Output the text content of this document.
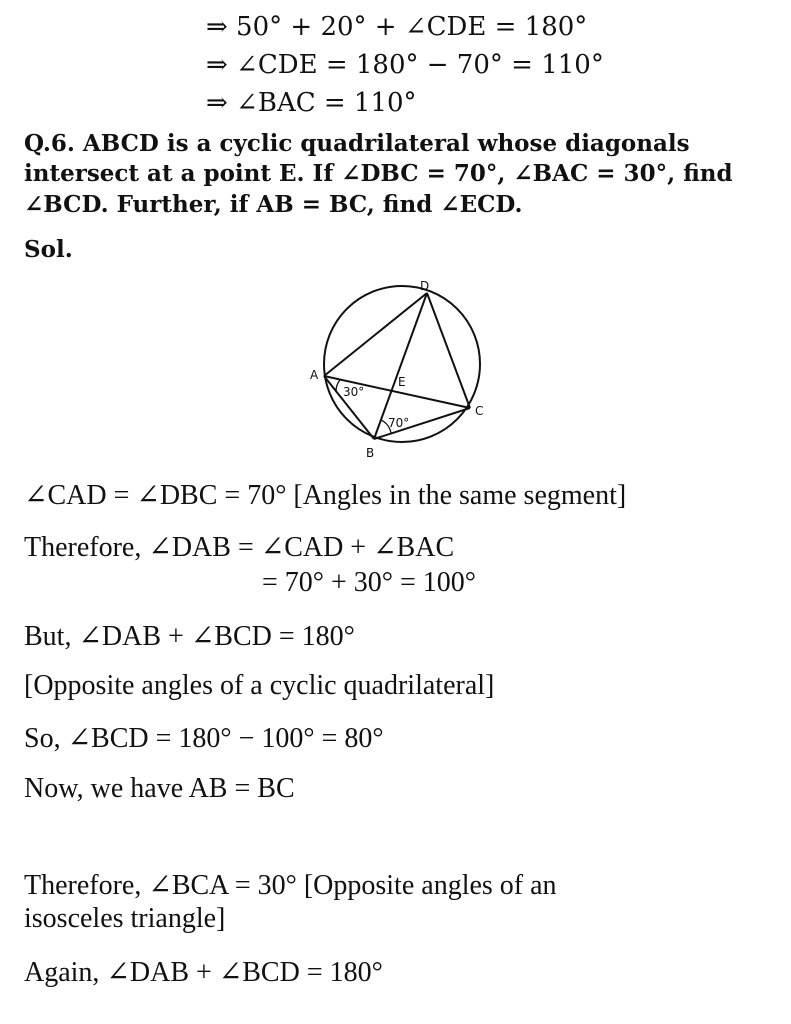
⇒ 50° + 20° + ∠CDE = 180°
⇒ ∠CDE = 180° − 70° = 110°
⇒ ∠BAC = 110°
Q.6. ABCD is a cyclic quadrilateral whose diagonals
intersect at a point E. If ∠DBC = 70°, ∠BAC = 30°, find
∠BCD. Further, if AB = BC, find ∠ECD.
Sol.
A
B
C
D
E
30°
70°
∠CAD = ∠DBC = 70° [Angles in the same segment]
Therefore, ∠DAB = ∠CAD + ∠BAC
= 70° + 30° = 100°
But, ∠DAB + ∠BCD = 180°
[Opposite angles of a cyclic quadrilateral]
So, ∠BCD = 180° − 100° = 80°
Now, we have AB = BC
Therefore, ∠BCA = 30° [Opposite angles of an
isosceles triangle]
Again, ∠DAB + ∠BCD = 180°
